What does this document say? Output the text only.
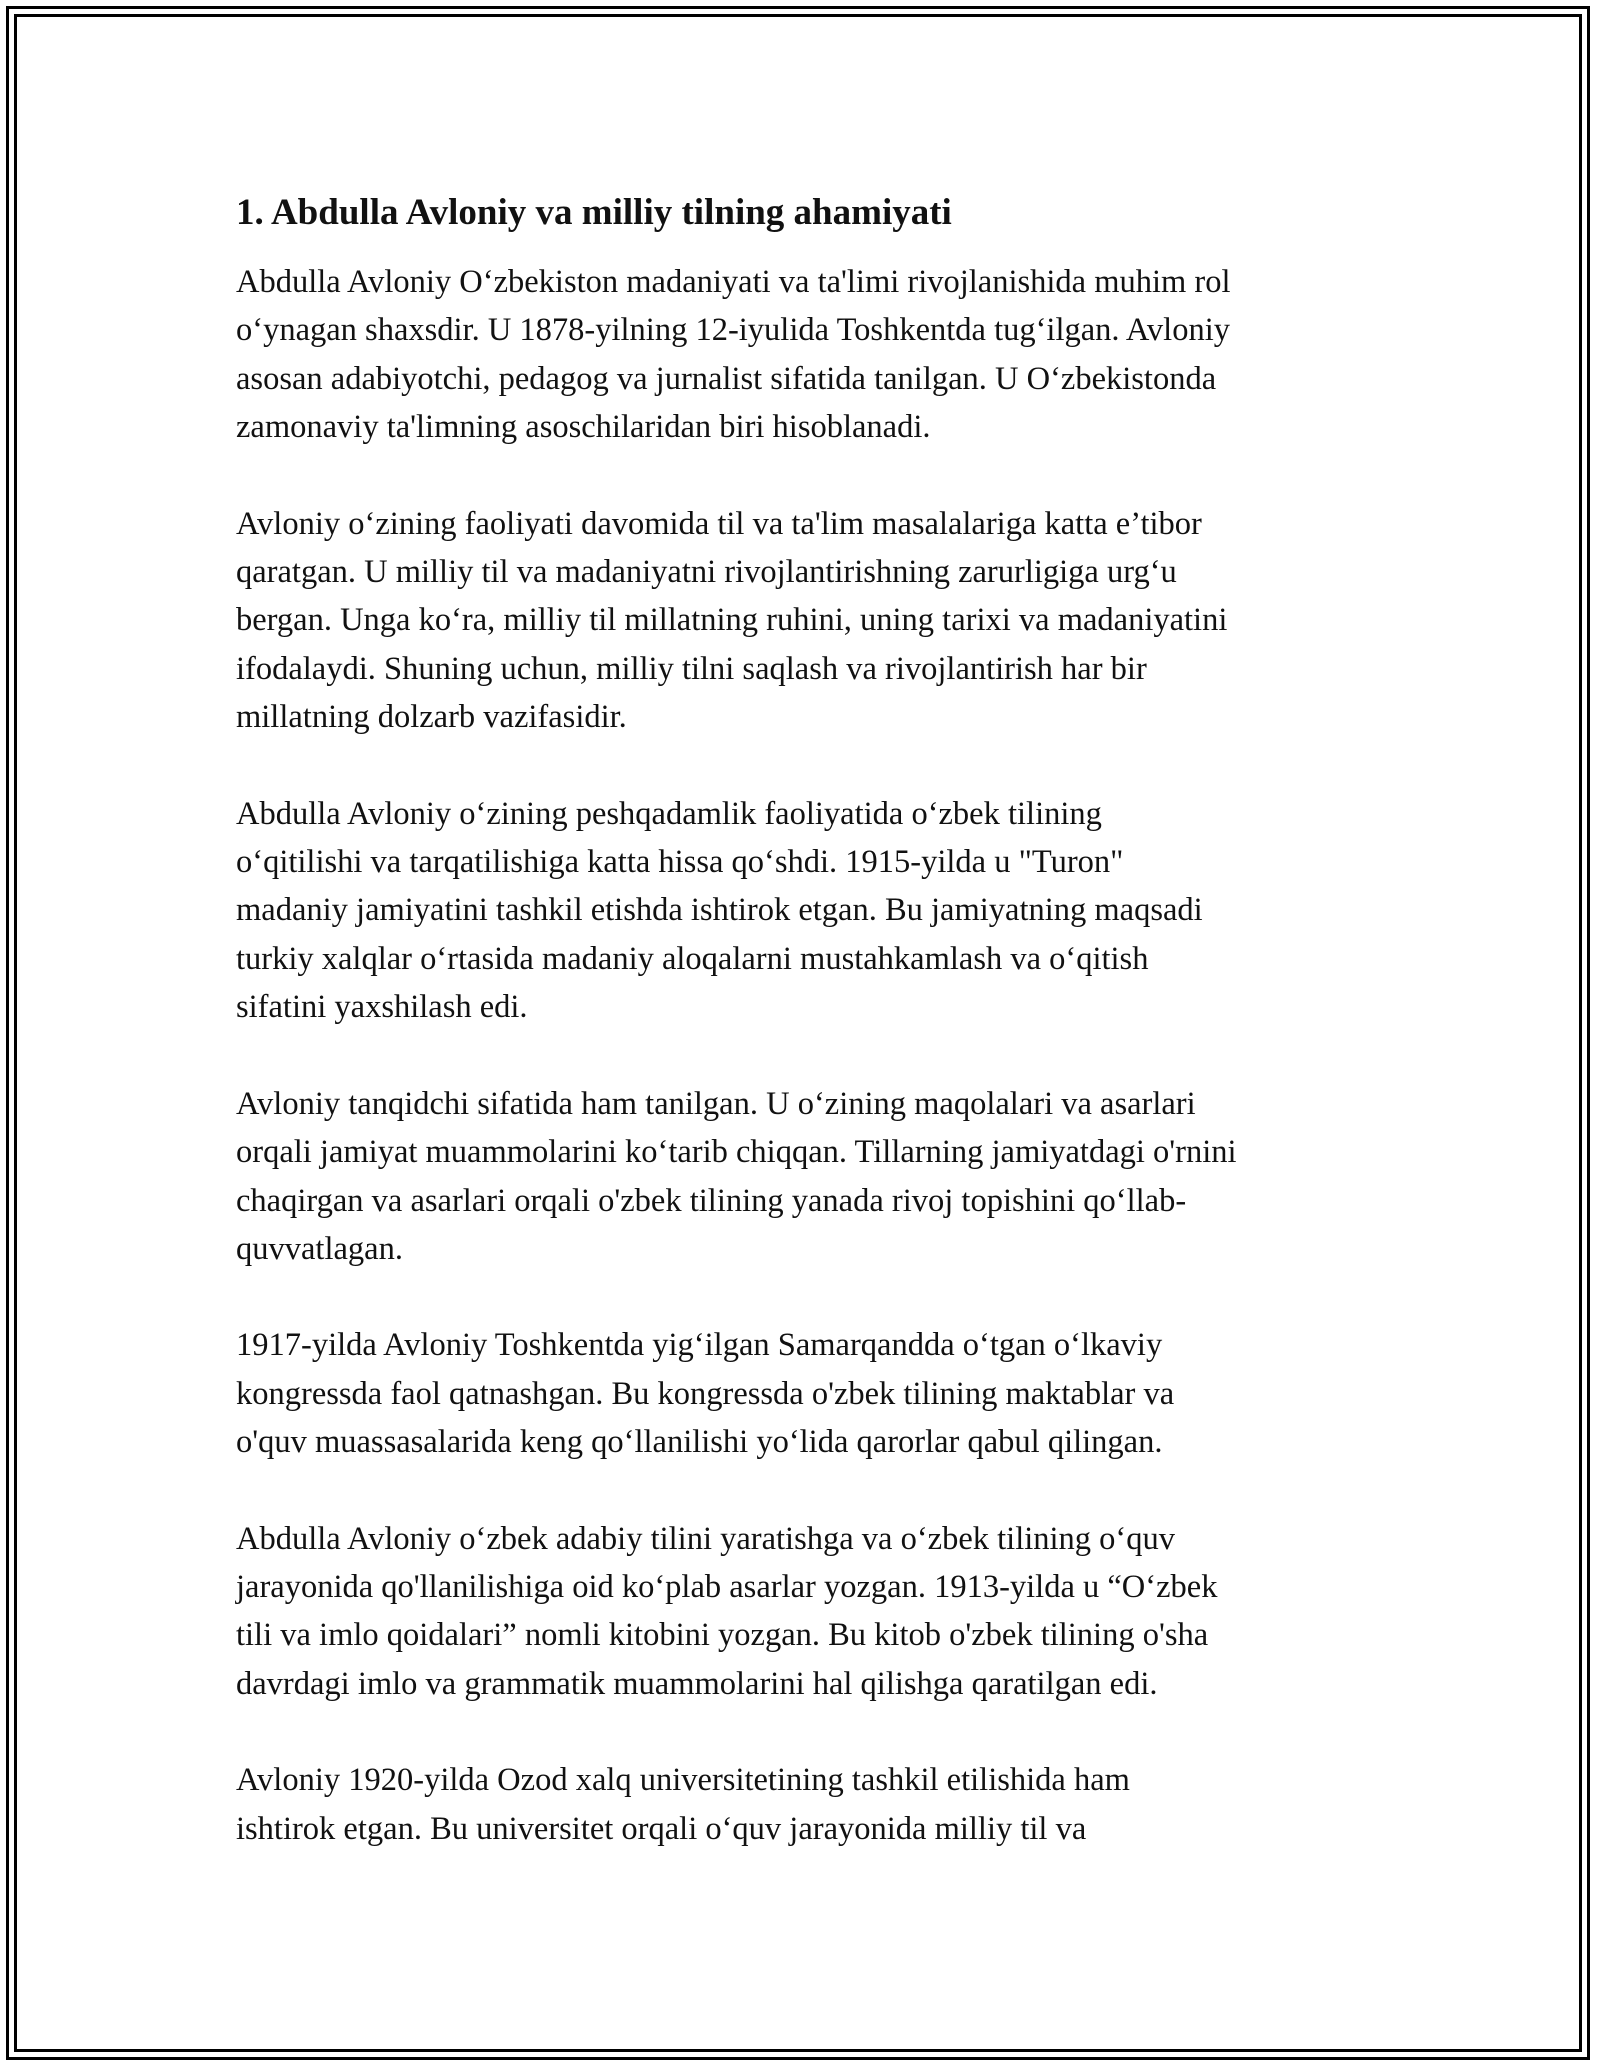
1. Abdulla Avloniy va milliy tilning ahamiyati

Abdulla Avloniy O‘zbekiston madaniyati va ta'limi rivojlanishida muhim rol
o‘ynagan shaxsdir. U 1878-yilning 12-iyulida Toshkentda tug‘ilgan. Avloniy
asosan adabiyotchi, pedagog va jurnalist sifatida tanilgan. U O‘zbekistonda
zamonaviy ta'limning asoschilaridan biri hisoblanadi.

Avloniy o‘zining faoliyati davomida til va ta'lim masalalariga katta e’tibor
qaratgan. U milliy til va madaniyatni rivojlantirishning zarurligiga urg‘u
bergan. Unga ko‘ra, milliy til millatning ruhini, uning tarixi va madaniyatini
ifodalaydi. Shuning uchun, milliy tilni saqlash va rivojlantirish har bir
millatning dolzarb vazifasidir.

Abdulla Avloniy o‘zining peshqadamlik faoliyatida o‘zbek tilining
o‘qitilishi va tarqatilishiga katta hissa qo‘shdi. 1915-yilda u "Turon"
madaniy jamiyatini tashkil etishda ishtirok etgan. Bu jamiyatning maqsadi
turkiy xalqlar o‘rtasida madaniy aloqalarni mustahkamlash va o‘qitish
sifatini yaxshilash edi.

Avloniy tanqidchi sifatida ham tanilgan. U o‘zining maqolalari va asarlari
orqali jamiyat muammolarini ko‘tarib chiqqan. Tillarning jamiyatdagi o'rnini
chaqirgan va asarlari orqali o'zbek tilining yanada rivoj topishini qo‘llab-
quvvatlagan.

1917-yilda Avloniy Toshkentda yig‘ilgan Samarqandda o‘tgan o‘lkaviy
kongressda faol qatnashgan. Bu kongressda o'zbek tilining maktablar va
o'quv muassasalarida keng qo‘llanilishi yo‘lida qarorlar qabul qilingan.

Abdulla Avloniy o‘zbek adabiy tilini yaratishga va o‘zbek tilining o‘quv
jarayonida qo'llanilishiga oid ko‘plab asarlar yozgan. 1913-yilda u “O‘zbek
tili va imlo qoidalari” nomli kitobini yozgan. Bu kitob o'zbek tilining o'sha
davrdagi imlo va grammatik muammolarini hal qilishga qaratilgan edi.

Avloniy 1920-yilda Ozod xalq universitetining tashkil etilishida ham
ishtirok etgan. Bu universitet orqali o‘quv jarayonida milliy til va
